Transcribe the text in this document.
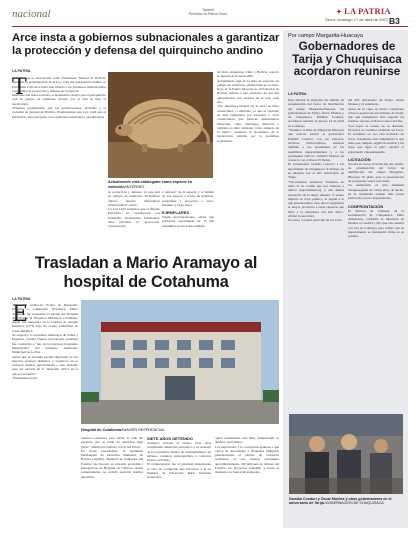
nacional	Tapiché
Periódico la Patria Oruro	✦ LA PATRIA
Oruro, domingo 17 de abril de 2022 B3
Arce insta a gobiernos subnacionales a garantizar la protección y defensa del quirquincho andino
LA PATRIA
T ras la declaración como Patrimonio Natural de Bolivia, mediante la promulgación de la Ley 1424 del quirquincho andino, el Presidente Luis Arce instó este sábado a los gobiernos subnacionales a garantizar la protección y defensa de la especie.
Mediante sus redes sociales, el mandatario resaltó que el quirquincho está en peligro de extinción, motivo por el cual se hizo la declaratoria.
"Estamos garantizando que las gobernaciones, alcaldías y la sociedad en general de Bolivia, Promulgamos una Ley 1424 que al Declararla, para que junto a los gobiernos autónomos, garanticemos
Actualmente está catalogado como especie en extinción/INTERNET
su protección y defensa, ya que está en peligro de extinción. Protejamos unidos nuestra maravillosa biodiversidad", tuitió.
La Ley 1424 establece que el Órgano Ejecutivo, en coordinación con Entidades Territoriales Autónomas, debe priorizar la "protección, conservación
y defensa" de la especie y el hábitat de esa especie a través de políticas, programas y proyectos a corto, mediano y largo plazo.
EJEMPLARES
Según investigaciones, existe una población aproximada de 15 mil armadillos en las zonas andinas
de Perú, Argentina, Chile y Bolivia, reportó la agencia de noticias ABI.
Actualmente rige en la lista de especies en peligro de extinción, establecidas en el Libro Rojo de la Fauna Silvestre de Vertebrados de Bolivia, debido a que alrededor de dos mil quirquinchos son cazados en el país cada año.
"(Su amenaza principal es) la caza con fines comerciales y culturales, ya que se capturan en muy ejemplares por artesanos y otros comerciantes que fabrican instrumentos musicales, como charangos, matracas y también en muy utilizado como amuleto de la suerte", establece el documento de la declaratoria emitida por la Asamblea Legislativa.
Por campo Margarita-Huacaya
Gobernadores de Tarija y Chuquisaca acordaron reunirse
LA PATRIA
Para abordar la situación del estudio de actualización del factor de distribución del campo Margarita-Huacaya, los gobernadores de Tarija, Óscar Montes y de Chuquisaca, Damián Condori, acordaron reunirse el jueves 14 de abril en Camargo.
"Venimos el lema de Margarita Huacaya que solicitó invitar al gobernador Damián Condori, con sus asesores, técnicos, hidrocarburos, tomaron también a los presidentes de las asambleas departamentales y a los presidentes cívicos", informó Montes, en contacto con el diario El Deber.
El Gobernador tarijeño convocó a las autoridades de Chuquisaca al diálogo en su discurso por el 205 aniversario de Tarija.
"Necesitamos sentarnos. Tenemos un tema al en común que nos interesa a ambos (departamentos), y que demos resolverlo de la mejor manera. Y quiere importa el color político, la región a la que pertenecemos, sino que lo sugerimos el mayor provecho a estas riquezas que Dios y la naturaleza nos han dado", afirmó la autoridad.
En tanto, Condori participó de los actos
del 205 aniversario de Tarija, donde Montes y él saludaron.
Antes de su viaje, en Sucre, consultado sobre la postura de autoridades de Tarija, dijo que Chuquisaca hará respetar las normas, reportó el diario Correo del Sur.
"Las leyes se acatan, no se discuten. Nosotros no estamos pidiendo un favor. El Gobierno no nos está haciendo un favor. Solamente está cumpliendo lo que tiene que cumplir, según las normas y las leyes que rigen el país", declaró el gobernador chuquisaqueño.
LICITACIÓN
Ya está en curso, la licitación del estudio de actualización del factor de distribución del campo Margarita-Huacaya. El plazo para la presentación de propuestas vence este lunes.
Su realización es una demanda chuquisaqueña de varios años, de hecho, en la actualidad existen más pozos perforados en ese departamento.
CONFRONTACIÓN
El director de Gabinete de la Gobernación de Chuquisaca, Félix Almendras, confirmó la intención de Montes a Condori y dijo que este asistirá a la cita en Camargo, pero reiteró que su departamento se mantendrá firme en su postura.
Damián Condori y Óscar Montes y otras gobernadores en el aniversario de Tarija./GOBERNACIÓN DE CHUQUISACA
Trasladan a Mario Aramayo al hospital de Cotahuma
LA PATRIA
E
l exdirector Fondo de Desarrollo Indígena y Campesino (Fondioc), Mario Aramayo, fue trasladado el sábado del Hospital de Clínicas al Hospital Municipal Cotahuma, donde fue internado en la Unidad de Terapia Intensiva (UTI) bajo un cuadro preliminar de crisis diabética.
Al respecto, la secretaria municipal de Salud y Deportes, Cecilia Vargas, recordó que Aramayo fue conducido a "uno de los mejores hospitales municipales" del Gobierno Autónomo Municipal de La Paz.
Alertó que la Alcaldía paceña dispondrá de sus mejores recursos humanos y logísticos en la atención médica especializada a este paciente para así salvarle de la "situación crítica en la que se encuentra".
"Pondremos todos
Hospital de Cotahuma/IMAGEN REFERENCIAL
nuestros esfuerzos para salvar la vida del paciente que se halla en situación muy grave", añadió en contacto con la red Erbol.
En horas precedentes, la Asamblea Permanente de Derechos Humanos de Bolivia (Apdhb), denunció el exdirector del Fondioc fue llevado en extrema gravedad a emergencias de Hospital de Clínicas, donde presuntamente no recibió atención médica adecuada.
SIETE AÑOS DETENIDO
Aramayo llevaba al menos siete años cumpliendo detención preventiva y es acusado de los presuntos delitos de incumplimiento de deberes, conducta antieconómica y contratos lesivos al Estado.
El exfuncionario fue el principal denunciante el caso de corrupción que involucró a la ex ministra de Desarrollo Rural Nemesia Achacollo,
quien actualmente está libre, denunciando el desfalco de Fondioc.
Los negociados y la corrupción apuntan a que varios de autoridades y dirigentes indígenas pertenecientes al partido de Gobierno recibieron el sus cuentas personales aproximadamente 130 millones de dólares del Fondioc en proyectos fantasma y hasta el momento no fueron investigados.
